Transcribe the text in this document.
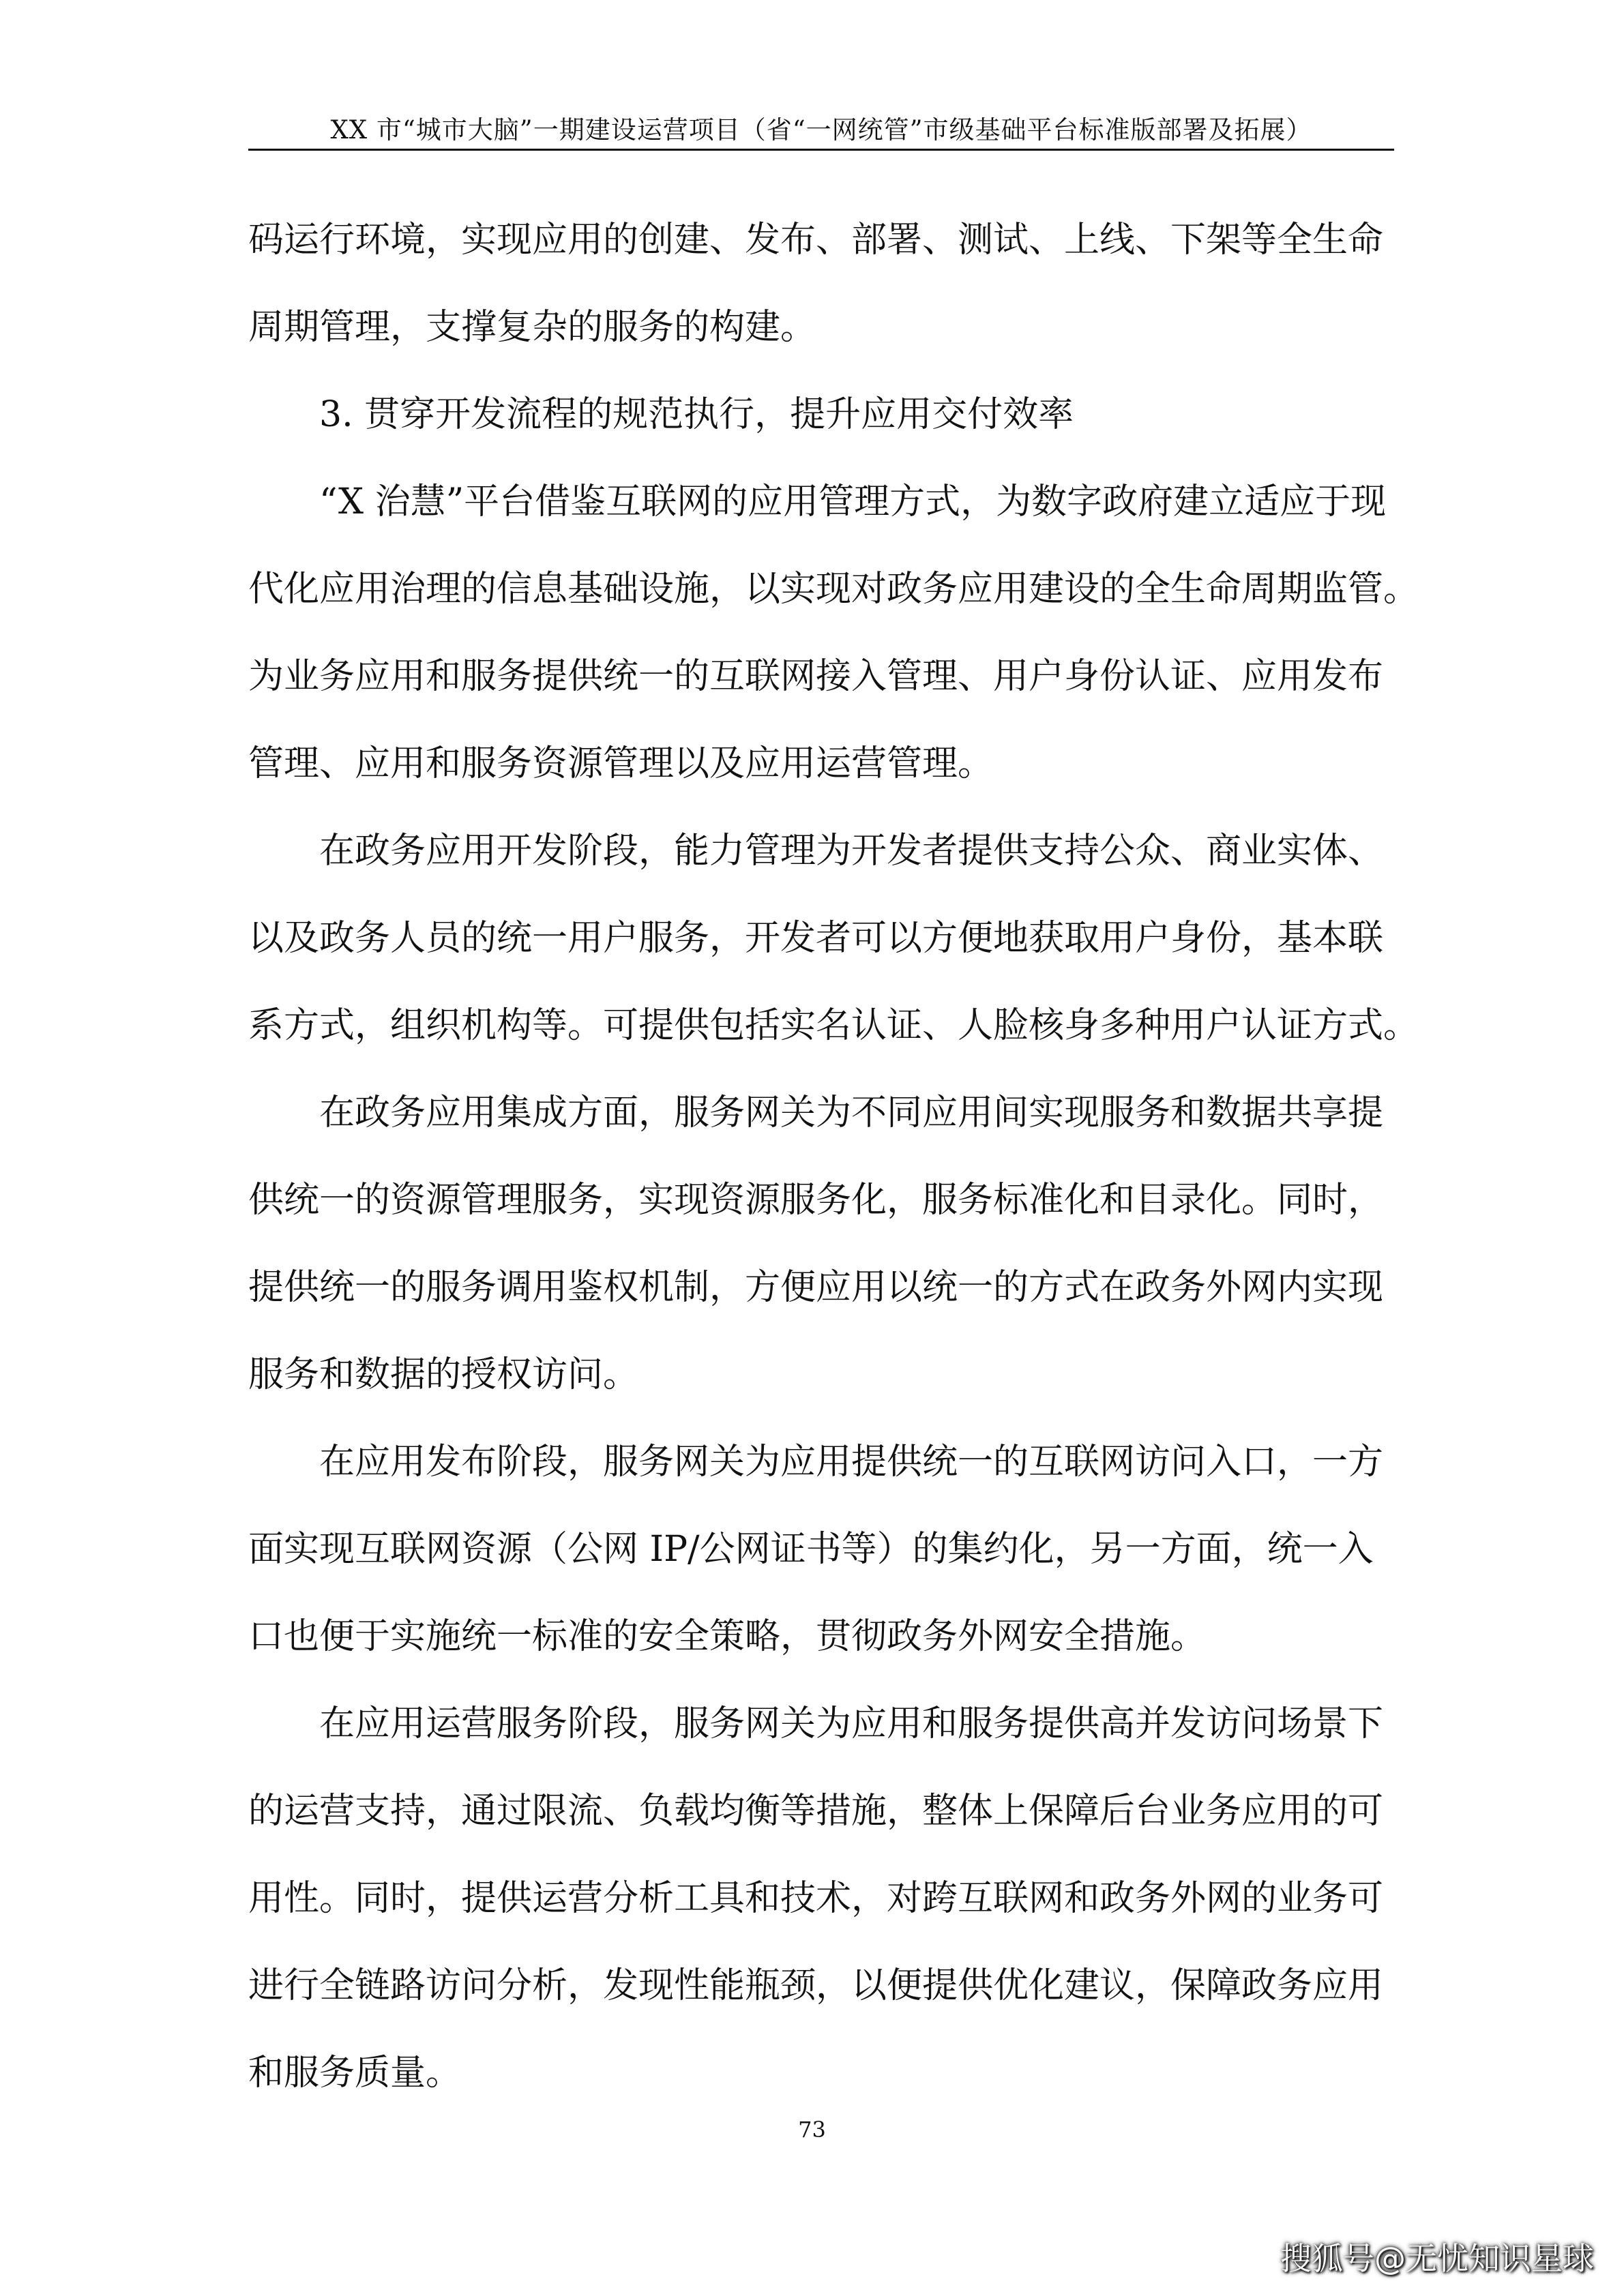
XX 市“城市大脑”一期建设运营项目（省“一网统管”市级基础平台标准版部署及拓展）
码运行环境，实现应用的创建、发布、部署、测试、上线、下架等全生命
周期管理，支撑复杂的服务的构建。
3. 贯穿开发流程的规范执行，提升应用交付效率
“X 治慧”平台借鉴互联网的应用管理方式，为数字政府建立适应于现
代化应用治理的信息基础设施，以实现对政务应用建设的全生命周期监管。
为业务应用和服务提供统一的互联网接入管理、用户身份认证、应用发布
管理、应用和服务资源管理以及应用运营管理。
在政务应用开发阶段，能力管理为开发者提供支持公众、商业实体、
以及政务人员的统一用户服务，开发者可以方便地获取用户身份，基本联
系方式，组织机构等。可提供包括实名认证、人脸核身多种用户认证方式。
在政务应用集成方面，服务网关为不同应用间实现服务和数据共享提
供统一的资源管理服务，实现资源服务化，服务标准化和目录化。同时，
提供统一的服务调用鉴权机制，方便应用以统一的方式在政务外网内实现
服务和数据的授权访问。
在应用发布阶段，服务网关为应用提供统一的互联网访问入口，一方
面实现互联网资源（公网 IP/公网证书等）的集约化，另一方面，统一入
口也便于实施统一标准的安全策略，贯彻政务外网安全措施。
在应用运营服务阶段，服务网关为应用和服务提供高并发访问场景下
的运营支持，通过限流、负载均衡等措施，整体上保障后台业务应用的可
用性。同时，提供运营分析工具和技术，对跨互联网和政务外网的业务可
进行全链路访问分析，发现性能瓶颈，以便提供优化建议，保障政务应用
和服务质量。
73
搜狐号@无忧知识星球
